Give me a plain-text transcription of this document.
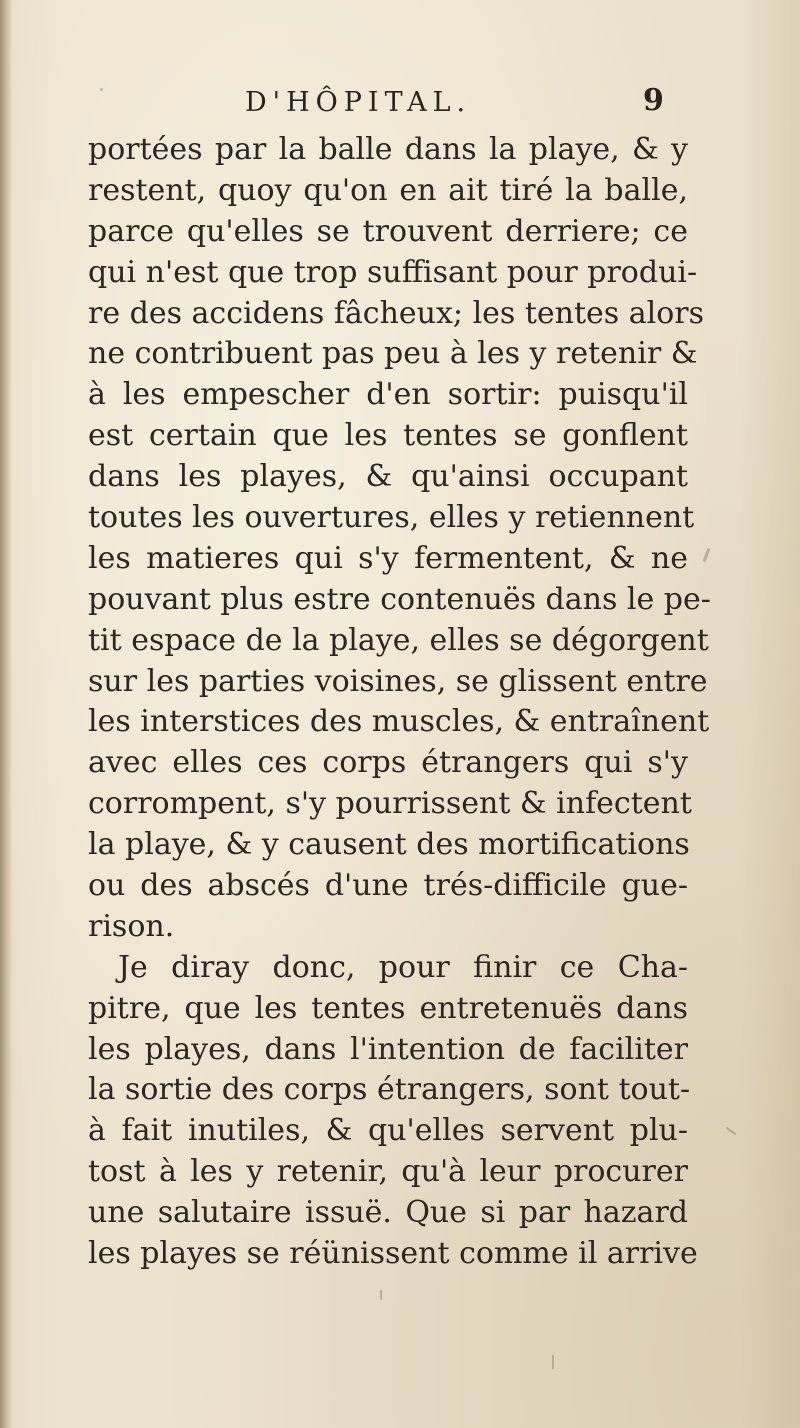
D'HÔPITAL.	9
portées par la balle dans la playe, & y
restent, quoy qu'on en ait tiré la balle,
parce qu'elles se trouvent derriere; ce
qui n'est que trop suffisant pour produi-
re des accidens fâcheux; les tentes alors
ne contribuent pas peu à les y retenir &
à les empescher d'en sortir: puisqu'il
est certain que les tentes se gonflent
dans les playes, & qu'ainsi occupant
toutes les ouvertures, elles y retiennent
les matieres qui s'y fermentent, & ne
pouvant plus estre contenuës dans le pe-
tit espace de la playe, elles se dégorgent
sur les parties voisines, se glissent entre
les interstices des muscles, & entraînent
avec elles ces corps étrangers qui s'y
corrompent, s'y pourrissent & infectent
la playe, & y causent des mortifications
ou des abscés d'une trés-difficile gue-
rison.
Je diray donc, pour finir ce Cha-
pitre, que les tentes entretenuës dans
les playes, dans l'intention de faciliter
la sortie des corps étrangers, sont tout-
à fait inutiles, & qu'elles servent plu-
tost à les y retenir, qu'à leur procurer
une salutaire issuë. Que si par hazard
les playes se réünissent comme il arrive
